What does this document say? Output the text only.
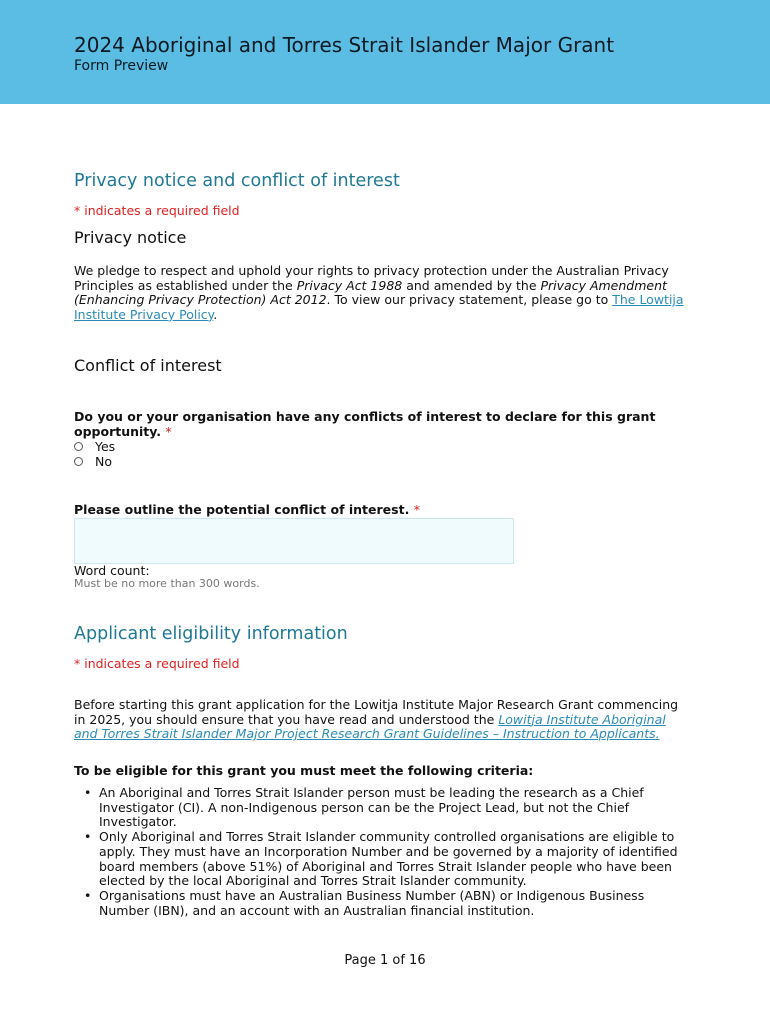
2024 Aboriginal and Torres Strait Islander Major Grant
Form Preview
Privacy notice and conflict of interest
* indicates a required field
Privacy notice
We pledge to respect and uphold your rights to privacy protection under the Australian Privacy Principles as established under the Privacy Act 1988 and amended by the Privacy Amendment (Enhancing Privacy Protection) Act 2012. To view our privacy statement, please go to The Lowtija Institute Privacy Policy.
Conflict of interest
Do you or your organisation have any conflicts of interest to declare for this grant opportunity. *
Yes
No
Please outline the potential conflict of interest. *
Word count:
Must be no more than 300 words.
Applicant eligibility information
* indicates a required field
Before starting this grant application for the Lowitja Institute Major Research Grant commencing in 2025, you should ensure that you have read and understood the Lowitja Institute Aboriginal and Torres Strait Islander Major Project Research Grant Guidelines – Instruction to Applicants.
To be eligible for this grant you must meet the following criteria:
• An Aboriginal and Torres Strait Islander person must be leading the research as a Chief Investigator (CI). A non-Indigenous person can be the Project Lead, but not the Chief Investigator.
• Only Aboriginal and Torres Strait Islander community controlled organisations are eligible to apply. They must have an Incorporation Number and be governed by a majority of identified board members (above 51%) of Aboriginal and Torres Strait Islander people who have been elected by the local Aboriginal and Torres Strait Islander community.
• Organisations must have an Australian Business Number (ABN) or Indigenous Business Number (IBN), and an account with an Australian financial institution.
Page 1 of 16
